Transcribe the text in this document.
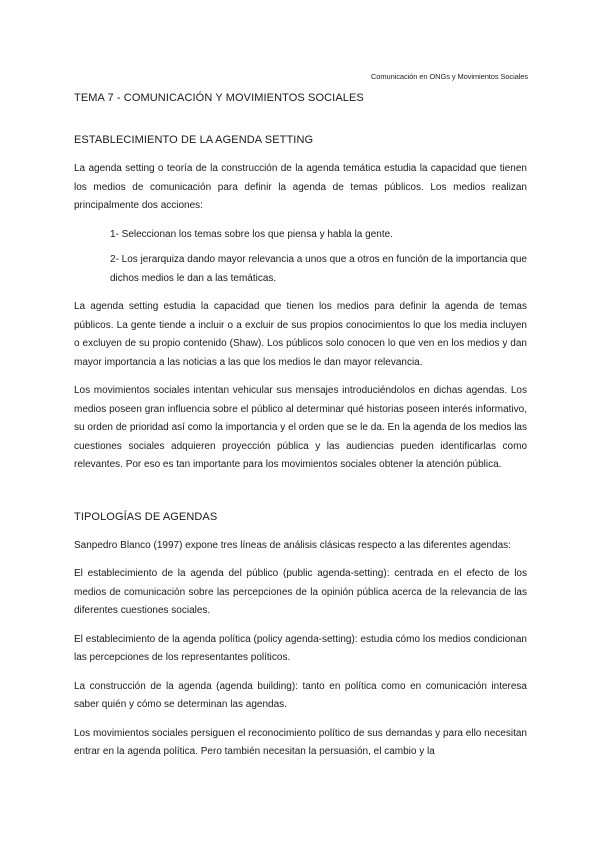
Comunicación en ONGs y Movimientos Sociales
TEMA 7 - COMUNICACIÓN Y MOVIMIENTOS SOCIALES
ESTABLECIMIENTO DE LA AGENDA SETTING

La agenda setting o teoría de la construcción de la agenda temática estudia la capacidad que tienen los medios de comunicación para definir la agenda de temas públicos. Los medios realizan principalmente dos acciones:

1- Seleccionan los temas sobre los que piensa y habla la gente.

2- Los jerarquiza dando mayor relevancia a unos que a otros en función de la importancia que dichos medios le dan a las temáticas.

La agenda setting estudia la capacidad que tienen los medios para definir la agenda de temas públicos. La gente tiende a incluir o a excluir de sus propios conocimientos lo que los media incluyen o excluyen de su propio contenido (Shaw). Los públicos solo conocen lo que ven en los medios y dan mayor importancia a las noticias a las que los medios le dan mayor relevancia.

Los movimientos sociales intentan vehicular sus mensajes introduciéndolos en dichas agendas. Los medios poseen gran influencia sobre el público al determinar qué historias poseen interés informativo, su orden de prioridad así como la importancia y el orden que se le da. En la agenda de los medios las cuestiones sociales adquieren proyección pública y las audiencias pueden identificarlas como relevantes. Por eso es tan importante para los movimientos sociales obtener la atención pública.

TIPOLOGÍAS DE AGENDAS

Sanpedro Blanco (1997) expone tres líneas de análisis clásicas respecto a las diferentes agendas:

El establecimiento de la agenda del público (public agenda-setting): centrada en el efecto de los medios de comunicación sobre las percepciones de la opinión pública acerca de la relevancia de las diferentes cuestiones sociales.

El establecimiento de la agenda política (policy agenda-setting): estudia cómo los medios condicionan las percepciones de los representantes políticos.

La construcción de la agenda (agenda building): tanto en política como en comunicación interesa saber quién y cómo se determinan las agendas.

Los movimientos sociales persiguen el reconocimiento político de sus demandas y para ello necesitan entrar en la agenda política. Pero también necesitan la persuasión, el cambio y la
